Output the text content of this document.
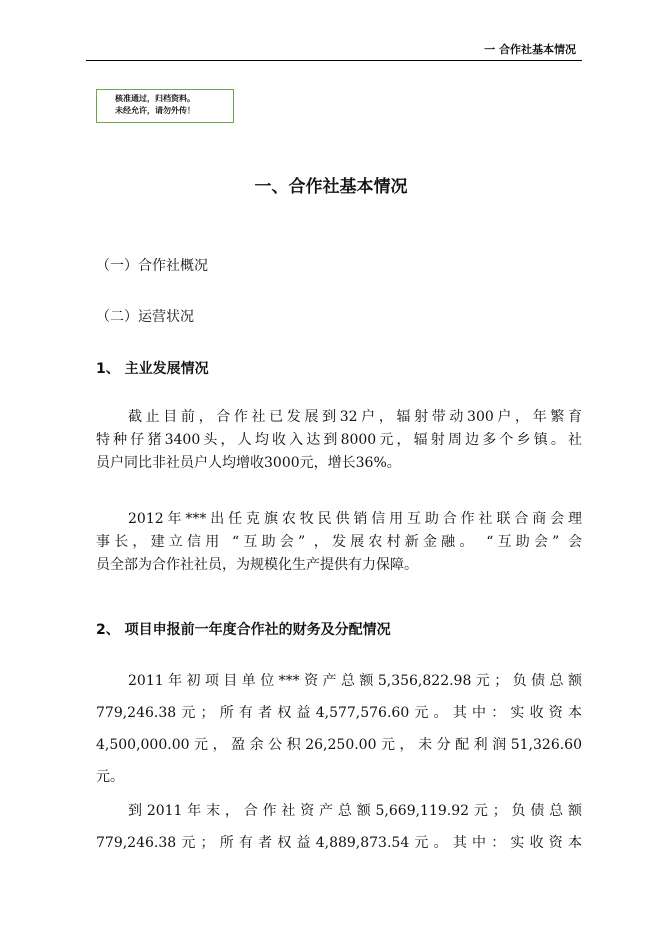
一 合作社基本情况
核准通过，归档资料。
未经允许，请勿外传！
一、合作社基本情况
（一）合作社概况
（二）运营状况
1、 主业发展情况
截止目前，合作社已发展到32户，辐射带动300户，年繁育
特种仔猪3400头，人均收入达到8000元，辐射周边多个乡镇。社
员户同比非社员户人均增收3000元，增长36%。
2012年***出任克旗农牧民供销信用互助合作社联合商会理
事长，建立信用 “互助会” ，发展农村新金融。 “互助会” 会
员全部为合作社社员，为规模化生产提供有力保障。
2、 项目申报前一年度合作社的财务及分配情况
2011年初项目单位***资产总额5,356,822.98元；负债总额
779,246.38元；所有者权益4,577,576.60元。其中：实收资本
4,500,000.00元，盈余公积26,250.00元，未分配利润51,326.60
元。
到2011年末，合作社资产总额5,669,119.92元；负债总额
779,246.38元；所有者权益4,889,873.54元。其中：实收资本
